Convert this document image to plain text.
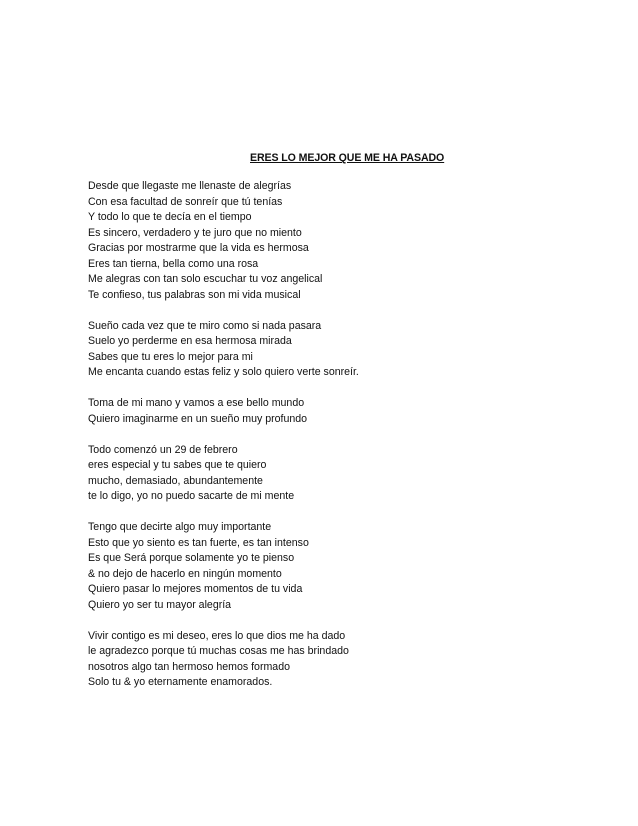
ERES LO MEJOR QUE ME HA PASADO
Desde que llegaste me llenaste de alegrías
Con esa facultad de sonreír que tú tenías
Y todo lo que te decía en el tiempo
Es sincero, verdadero y te juro que no miento
Gracias por mostrarme que la vida es hermosa
Eres tan tierna, bella como una rosa
Me alegras con tan solo escuchar tu voz angelical
Te confieso, tus palabras son mi vida musical
Sueño cada vez que te miro como si nada pasara
Suelo yo perderme en esa hermosa mirada
Sabes que tu eres lo mejor para mi
Me encanta cuando estas feliz y solo quiero verte sonreír.
Toma de mi mano y vamos a ese bello mundo
Quiero imaginarme en un sueño muy profundo
Todo comenzó un 29 de febrero
eres especial y tu sabes que te quiero
mucho, demasiado, abundantemente
te lo digo, yo no puedo sacarte de mi mente
Tengo que decirte algo muy importante
Esto que yo siento es tan fuerte, es tan intenso
Es que Será porque solamente yo te pienso
& no dejo de hacerlo en ningún momento
Quiero pasar lo mejores momentos de tu vida
Quiero yo ser tu mayor alegría
Vivir contigo es mi deseo, eres lo que dios me ha dado
le agradezco porque tú muchas cosas me has brindado
nosotros algo tan hermoso hemos formado
Solo tu & yo eternamente enamorados.
